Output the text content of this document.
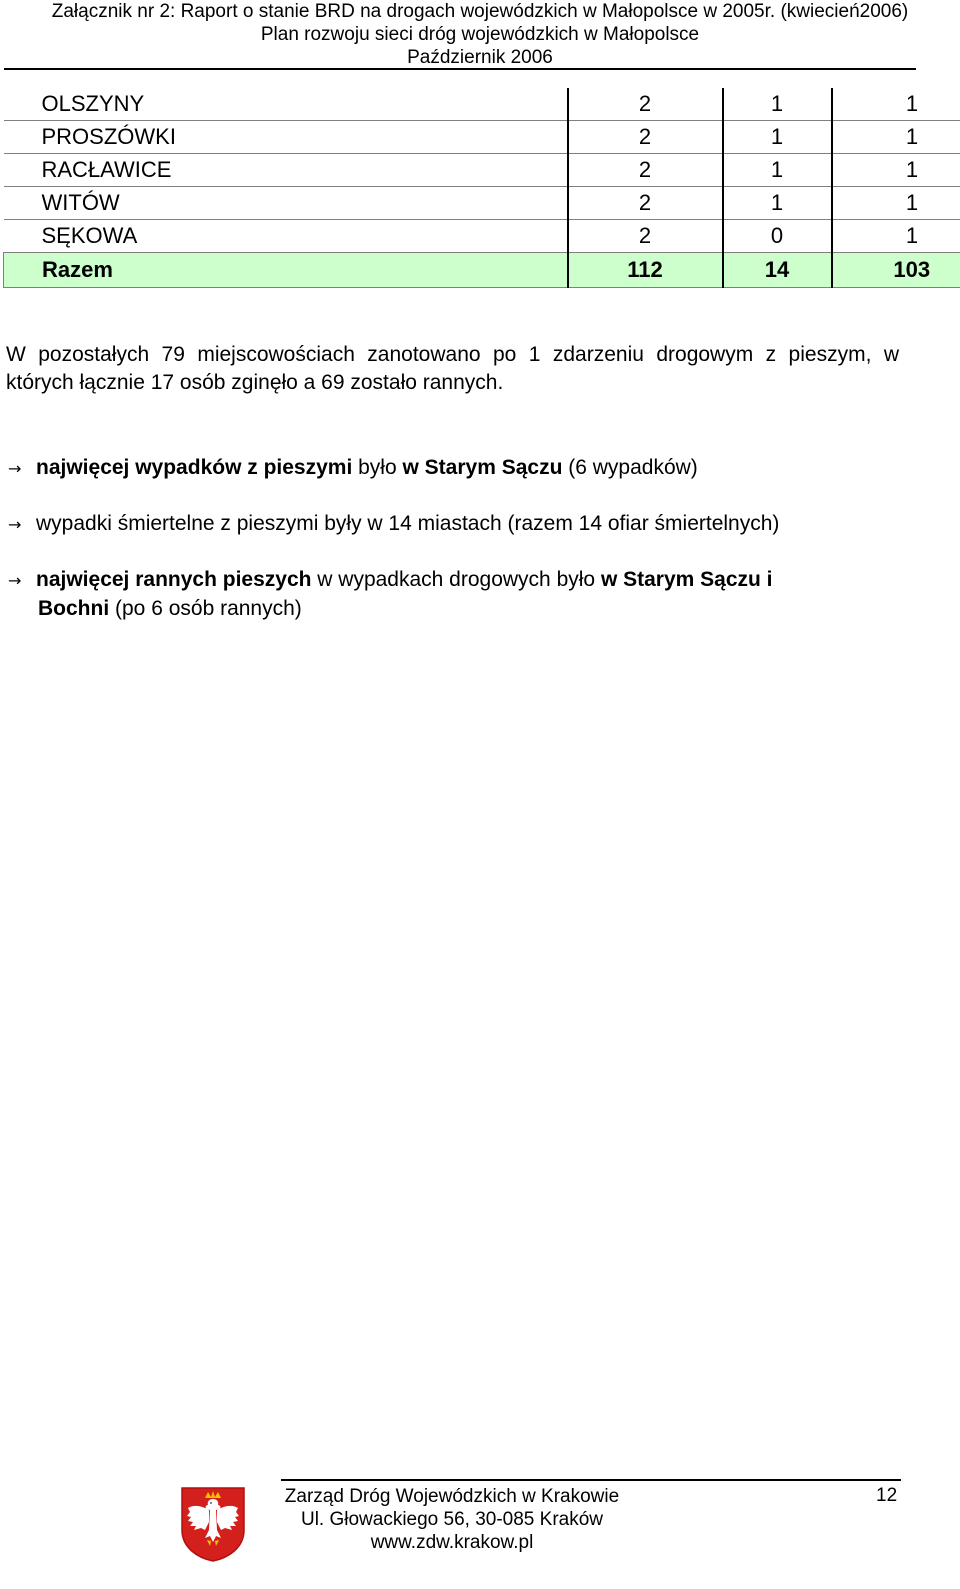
Załącznik nr 2: Raport o stanie BRD na drogach wojewódzkich w Małopolsce w 2005r. (kwiecień2006)
Plan rozwoju sieci dróg wojewódzkich w Małopolsce
Październik 2006
OLSZYNY	2	1	1
PROSZÓWKI	2	1	1
RACŁAWICE	2	1	1
WITÓW	2	1	1
SĘKOWA	2	0	1
Razem	112	14	103
W pozostałych 79 miejscowościach zanotowano po 1 zdarzeniu drogowym z pieszym, w których łącznie 17 osób zginęło a 69 zostało rannych.
→ najwięcej wypadków z pieszymi było w Starym Sączu (6 wypadków)
→ wypadki śmiertelne z pieszymi były w 14 miastach (razem 14 ofiar śmiertelnych)
→ najwięcej rannych pieszych w wypadkach drogowych było w Starym Sączu i
Bochni (po 6 osób rannych)
Zarząd Dróg Wojewódzkich w Krakowie
Ul. Głowackiego 56, 30-085 Kraków
www.zdw.krakow.pl
12
